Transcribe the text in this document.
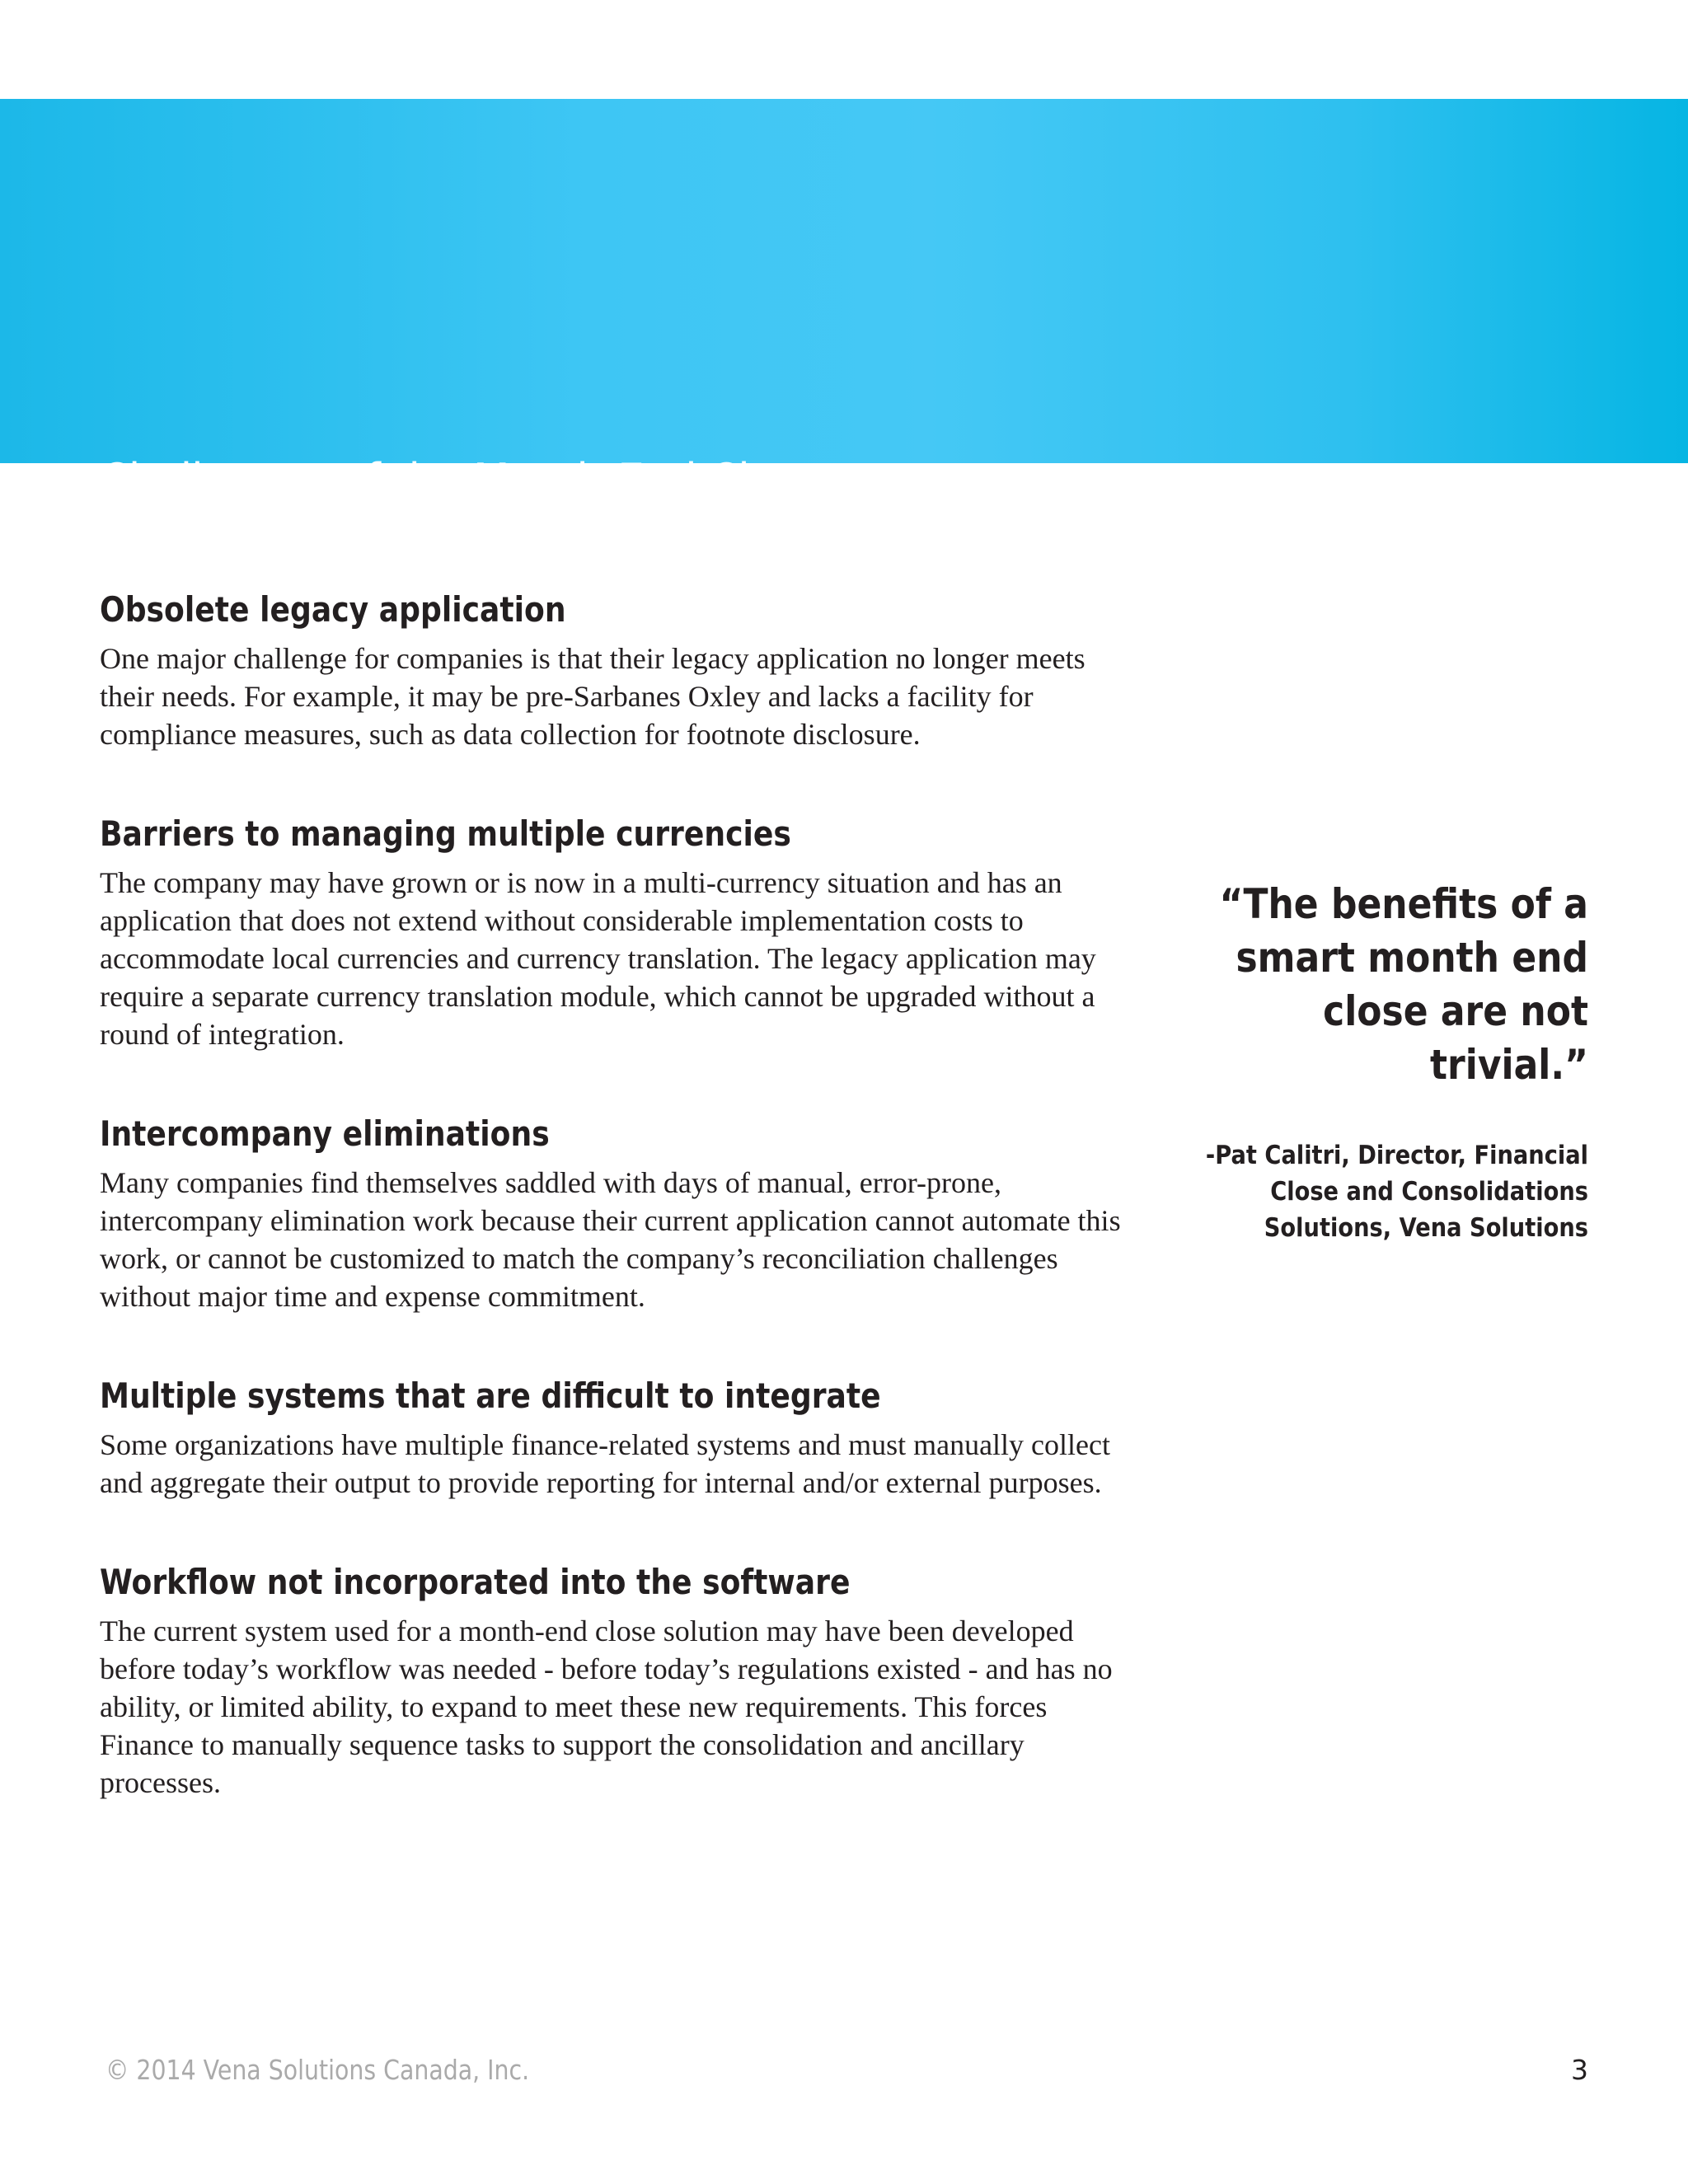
Challenges of the Month-End Close
Obsolete legacy application

One major challenge for companies is that their legacy application no longer meets their needs. For example, it may be pre-Sarbanes Oxley and lacks a facility for compliance measures, such as data collection for footnote disclosure.

Barriers to managing multiple currencies

The company may have grown or is now in a multi-currency situation and has an application that does not extend without considerable implementation costs to accommodate local currencies and currency translation. The legacy application may require a separate currency translation module, which cannot be upgraded without a round of integration.

Intercompany eliminations

Many companies find themselves saddled with days of manual, error-prone, intercompany elimination work because their current application cannot automate this work, or cannot be customized to match the company’s reconciliation challenges without major time and expense commitment.

Multiple systems that are difficult to integrate

Some organizations have multiple finance-related systems and must manually collect and aggregate their output to provide reporting for internal and/or external purposes.

Workflow not incorporated into the software

The current system used for a month-end close solution may have been developed before today’s workflow was needed - before today’s regulations existed - and has no ability, or limited ability, to expand to meet these new requirements. This forces Finance to manually sequence tasks to support the consolidation and ancillary processes.

“The benefits of a smart month end close are not trivial.”

-Pat Calitri, Director, Financial Close and Consolidations Solutions, Vena Solutions

© 2014 Vena Solutions Canada, Inc.	3
